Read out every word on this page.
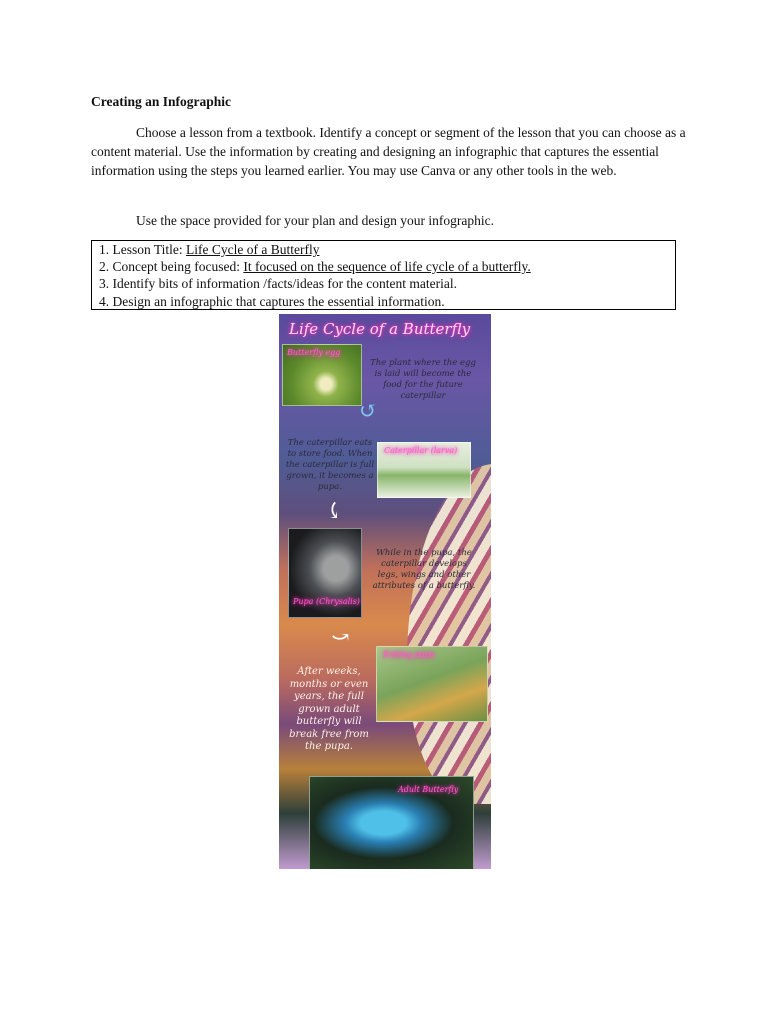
Creating an Infographic

Choose a lesson from a textbook. Identify a concept or segment of the lesson that you can choose as a content material. Use the information by creating and designing an infographic that captures the essential information using the steps you learned earlier. You may use Canva or any other tools in the web.

Use the space provided for your plan and design your infographic.

1. Lesson Title: Life Cycle of a Butterfly
2. Concept being focused: It focused on the sequence of life cycle of a butterfly.
3. Identify bits of information /facts/ideas for the content material.
4. Design an infographic that captures the essential information.
Life Cycle of a Butterfly
Butterfly egg
The plant where the egg is laid will become the food for the future caterpillar
↺
The caterpillar eats to store food. When the caterpillar is full grown, it becomes a pupa.
Caterpillar (larva)
⤹
Pupa (Chrysalis)
While in the pupa, the caterpillar develops legs, wings and other attributes of a butterfly.
⤻
Exiting pupa
After weeks, months or even years, the full grown adult butterfly will break free from the pupa.
Adult Butterfly
